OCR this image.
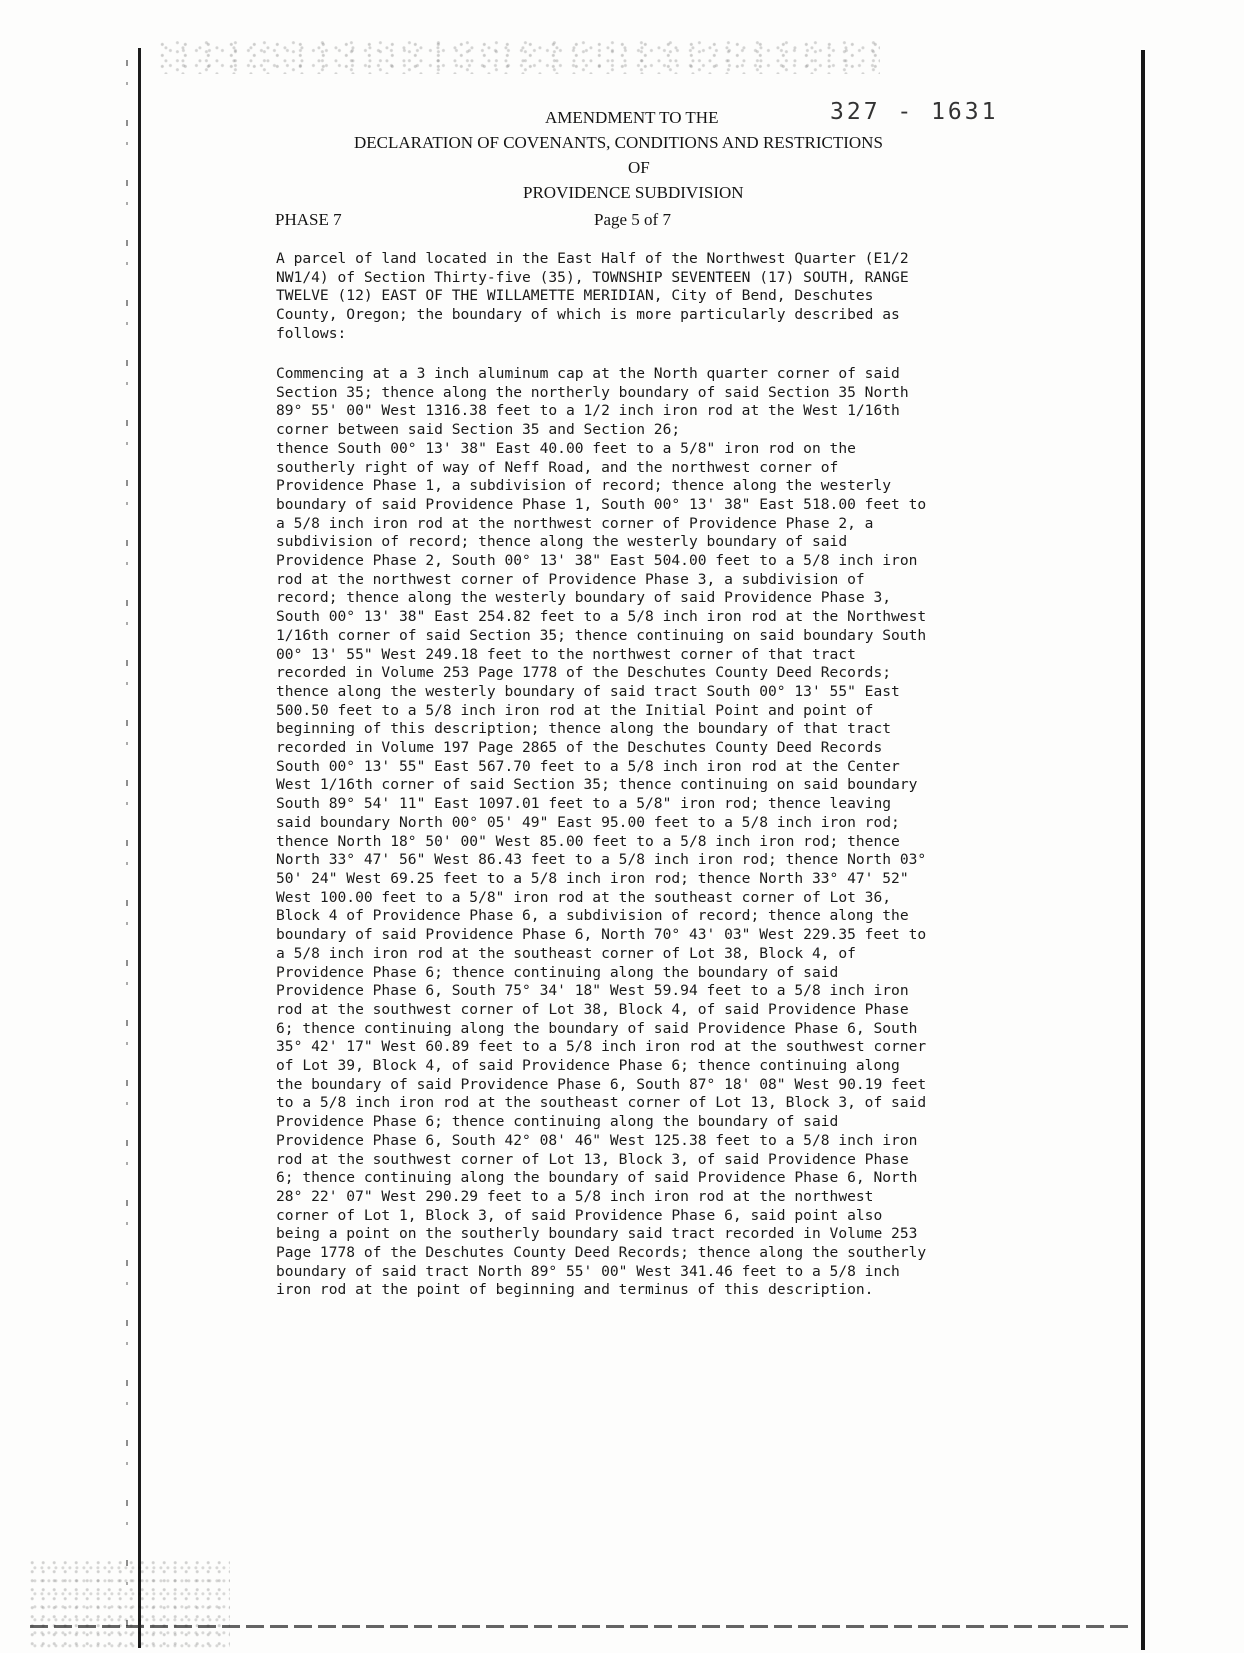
AMENDMENT TO THE	327 - 1631
DECLARATION OF COVENANTS, CONDITIONS AND RESTRICTIONS
OF
PROVIDENCE SUBDIVISION
PHASE 7	Page 5 of 7

A parcel of land located in the East Half of the Northwest Quarter (E1/2
NW1/4) of Section Thirty-five (35), TOWNSHIP SEVENTEEN (17) SOUTH, RANGE
TWELVE (12) EAST OF THE WILLAMETTE MERIDIAN, City of Bend, Deschutes
County, Oregon; the boundary of which is more particularly described as
follows:

Commencing at a 3 inch aluminum cap at the North quarter corner of said
Section 35; thence along the northerly boundary of said Section 35 North
89° 55' 00" West 1316.38 feet to a 1/2 inch iron rod at the West 1/16th
corner between said Section 35 and Section 26;
thence South 00° 13' 38" East 40.00 feet to a 5/8" iron rod on the
southerly right of way of Neff Road, and the northwest corner of
Providence Phase 1, a subdivision of record; thence along the westerly
boundary of said Providence Phase 1, South 00° 13' 38" East 518.00 feet to
a 5/8 inch iron rod at the northwest corner of Providence Phase 2, a
subdivision of record; thence along the westerly boundary of said
Providence Phase 2, South 00° 13' 38" East 504.00 feet to a 5/8 inch iron
rod at the northwest corner of Providence Phase 3, a subdivision of
record; thence along the westerly boundary of said Providence Phase 3,
South 00° 13' 38" East 254.82 feet to a 5/8 inch iron rod at the Northwest
1/16th corner of said Section 35; thence continuing on said boundary South
00° 13' 55" West 249.18 feet to the northwest corner of that tract
recorded in Volume 253 Page 1778 of the Deschutes County Deed Records;
thence along the westerly boundary of said tract South 00° 13' 55" East
500.50 feet to a 5/8 inch iron rod at the Initial Point and point of
beginning of this description; thence along the boundary of that tract
recorded in Volume 197 Page 2865 of the Deschutes County Deed Records
South 00° 13' 55" East 567.70 feet to a 5/8 inch iron rod at the Center
West 1/16th corner of said Section 35; thence continuing on said boundary
South 89° 54' 11" East 1097.01 feet to a 5/8" iron rod; thence leaving
said boundary North 00° 05' 49" East 95.00 feet to a 5/8 inch iron rod;
thence North 18° 50' 00" West 85.00 feet to a 5/8 inch iron rod; thence
North 33° 47' 56" West 86.43 feet to a 5/8 inch iron rod; thence North 03°
50' 24" West 69.25 feet to a 5/8 inch iron rod; thence North 33° 47' 52"
West 100.00 feet to a 5/8" iron rod at the southeast corner of Lot 36,
Block 4 of Providence Phase 6, a subdivision of record; thence along the
boundary of said Providence Phase 6, North 70° 43' 03" West 229.35 feet to
a 5/8 inch iron rod at the southeast corner of Lot 38, Block 4, of
Providence Phase 6; thence continuing along the boundary of said
Providence Phase 6, South 75° 34' 18" West 59.94 feet to a 5/8 inch iron
rod at the southwest corner of Lot 38, Block 4, of said Providence Phase
6; thence continuing along the boundary of said Providence Phase 6, South
35° 42' 17" West 60.89 feet to a 5/8 inch iron rod at the southwest corner
of Lot 39, Block 4, of said Providence Phase 6; thence continuing along
the boundary of said Providence Phase 6, South 87° 18' 08" West 90.19 feet
to a 5/8 inch iron rod at the southeast corner of Lot 13, Block 3, of said
Providence Phase 6; thence continuing along the boundary of said
Providence Phase 6, South 42° 08' 46" West 125.38 feet to a 5/8 inch iron
rod at the southwest corner of Lot 13, Block 3, of said Providence Phase
6; thence continuing along the boundary of said Providence Phase 6, North
28° 22' 07" West 290.29 feet to a 5/8 inch iron rod at the northwest
corner of Lot 1, Block 3, of said Providence Phase 6, said point also
being a point on the southerly boundary said tract recorded in Volume 253
Page 1778 of the Deschutes County Deed Records; thence along the southerly
boundary of said tract North 89° 55' 00" West 341.46 feet to a 5/8 inch
iron rod at the point of beginning and terminus of this description.
